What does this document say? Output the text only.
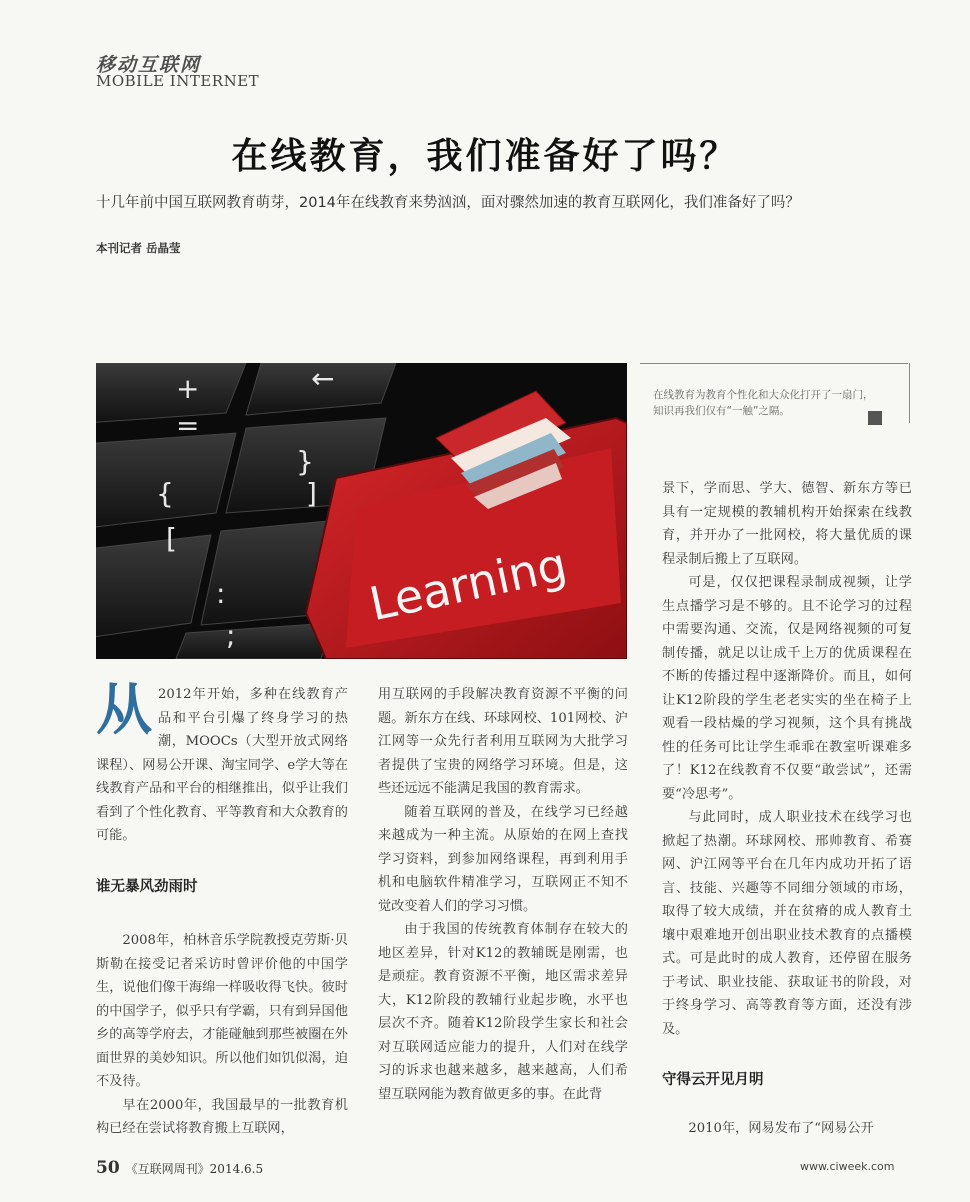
移动互联网
MOBILE INTERNET
在线教育，我们准备好了吗？
十几年前中国互联网教育萌芽，2014年在线教育来势汹汹，面对骤然加速的教育互联网化，我们准备好了吗？
本刊记者 岳晶莹
+
=
←
}
]
{
[
:
;
Learning
在线教育为教育个性化和大众化打开了一扇门，知识再我们仅有“一触”之隔。

从 2012年开始，多种在线教育产品和平台引爆了终身学习的热潮，MOOCs（大型开放式网络课程）、网易公开课、淘宝同学、e学大等在线教育产品和平台的相继推出，似乎让我们看到了个性化教育、平等教育和大众教育的可能。

谁无暴风劲雨时

2008年，柏林音乐学院教授克劳斯·贝斯勒在接受记者采访时曾评价他的中国学生，说他们像干海绵一样吸收得飞快。彼时的中国学子，似乎只有学霸，只有到异国他乡的高等学府去，才能碰触到那些被圈在外面世界的美妙知识。所以他们如饥似渴，迫不及待。

早在2000年，我国最早的一批教育机构已经在尝试将教育搬上互联网，

用互联网的手段解决教育资源不平衡的问题。新东方在线、环球网校、101网校、沪江网等一众先行者利用互联网为大批学习者提供了宝贵的网络学习环境。但是，这些还远远不能满足我国的教育需求。

随着互联网的普及，在线学习已经越来越成为一种主流。从原始的在网上查找学习资料，到参加网络课程，再到利用手机和电脑软件精准学习，互联网正不知不觉改变着人们的学习习惯。

由于我国的传统教育体制存在较大的地区差异，针对K12的教辅既是刚需，也是顽症。教育资源不平衡，地区需求差异大，K12阶段的教辅行业起步晚，水平也层次不齐。随着K12阶段学生家长和社会对互联网适应能力的提升，人们对在线学习的诉求也越来越多，越来越高，人们希望互联网能为教育做更多的事。在此背

景下，学而思、学大、德智、新东方等已具有一定规模的教辅机构开始探索在线教育，并开办了一批网校，将大量优质的课程录制后搬上了互联网。

可是，仅仅把课程录制成视频，让学生点播学习是不够的。且不论学习的过程中需要沟通、交流，仅是网络视频的可复制传播，就足以让成千上万的优质课程在不断的传播过程中逐渐降价。而且，如何让K12阶段的学生老老实实的坐在椅子上观看一段枯燥的学习视频，这个具有挑战性的任务可比让学生乖乖在教室听课难多了！K12在线教育不仅要“敢尝试”，还需要“冷思考”。

与此同时，成人职业技术在线学习也掀起了热潮。环球网校、邢帅教育、希赛网、沪江网等平台在几年内成功开拓了语言、技能、兴趣等不同细分领域的市场，取得了较大成绩，并在贫瘠的成人教育土壤中艰难地开创出职业技术教育的点播模式。可是此时的成人教育，还停留在服务于考试、职业技能、获取证书的阶段，对于终身学习、高等教育等方面，还没有涉及。

守得云开见月明

2010年，网易发布了“网易公开

50 《互联网周刊》2014.6.5	www.ciweek.com
